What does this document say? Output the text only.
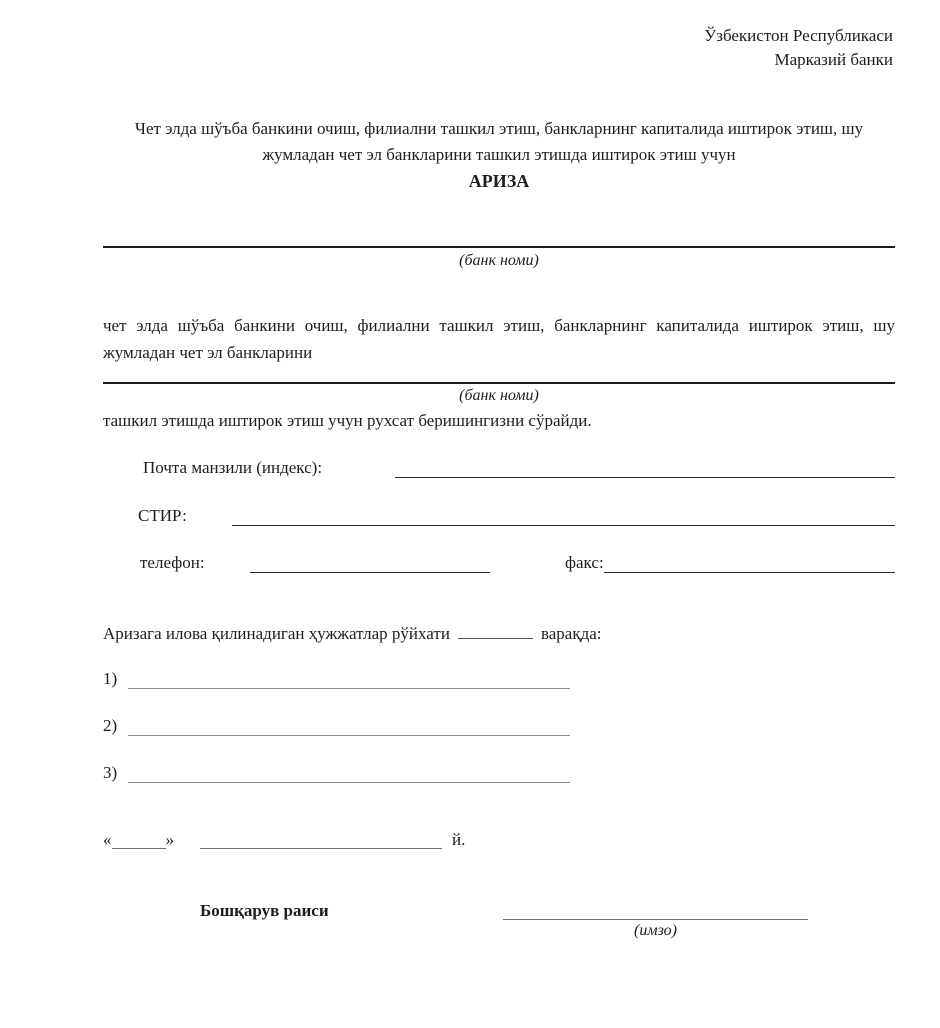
Ўзбекистон Республикаси
Марказий банки
Чет элда шўъба банкини очиш, филиални ташкил этиш, банкларнинг капиталида иштирок этиш, шу жумладан чет эл банкларини ташкил этишда иштирок этиш учун
АРИЗА
(банк номи)
чет элда шўъба банкини очиш, филиални ташкил этиш, банкларнинг капиталида иштирок этиш, шу жумладан чет эл банкларини
(банк номи)
ташкил этишда иштирок этиш учун рухсат беришингизни сўрайди.
Почта манзили (индекс):
СТИР:
телефон:	факс:
Аризага илова қилинадиган ҳужжатлар рўйхати	варақда:
1)
2)
3)
«	»	й.
Бошқарув раиси
(имзо)
